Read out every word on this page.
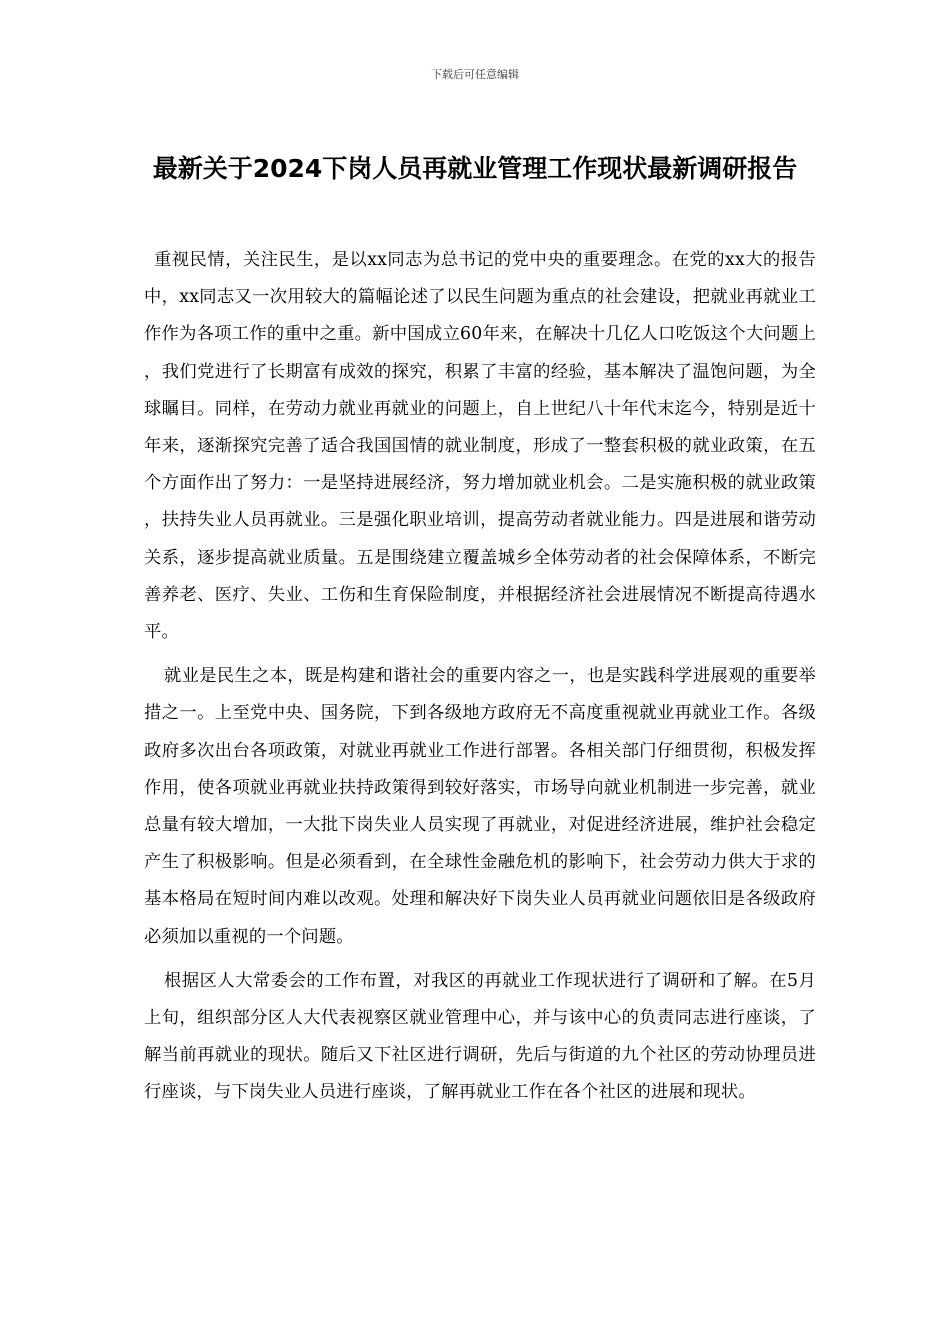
下载后可任意编辑
最新关于2024下岗人员再就业管理工作现状最新调研报告

重视民情，关注民生，是以xx同志为总书记的党中央的重要理念。在党的xx大的报告中，xx同志又一次用较大的篇幅论述了以民生问题为重点的社会建设，把就业再就业工作作为各项工作的重中之重。新中国成立60年来，在解决十几亿人口吃饭这个大问题上，我们党进行了长期富有成效的探究，积累了丰富的经验，基本解决了温饱问题，为全球瞩目。同样，在劳动力就业再就业的问题上，自上世纪八十年代末迄今，特别是近十年来，逐渐探究完善了适合我国国情的就业制度，形成了一整套积极的就业政策，在五个方面作出了努力：一是坚持进展经济，努力增加就业机会。二是实施积极的就业政策，扶持失业人员再就业。三是强化职业培训，提高劳动者就业能力。四是进展和谐劳动关系，逐步提高就业质量。五是围绕建立覆盖城乡全体劳动者的社会保障体系，不断完善养老、医疗、失业、工伤和生育保险制度，并根据经济社会进展情况不断提高待遇水平。

就业是民生之本，既是构建和谐社会的重要内容之一，也是实践科学进展观的重要举措之一。上至党中央、国务院，下到各级地方政府无不高度重视就业再就业工作。各级政府多次出台各项政策，对就业再就业工作进行部署。各相关部门仔细贯彻，积极发挥作用，使各项就业再就业扶持政策得到较好落实，市场导向就业机制进一步完善，就业总量有较大增加，一大批下岗失业人员实现了再就业，对促进经济进展，维护社会稳定产生了积极影响。但是必须看到，在全球性金融危机的影响下，社会劳动力供大于求的基本格局在短时间内难以改观。处理和解决好下岗失业人员再就业问题依旧是各级政府必须加以重视的一个问题。

根据区人大常委会的工作布置，对我区的再就业工作现状进行了调研和了解。在5月上旬，组织部分区人大代表视察区就业管理中心，并与该中心的负责同志进行座谈，了解当前再就业的现状。随后又下社区进行调研，先后与街道的九个社区的劳动协理员进行座谈，与下岗失业人员进行座谈，了解再就业工作在各个社区的进展和现状。
